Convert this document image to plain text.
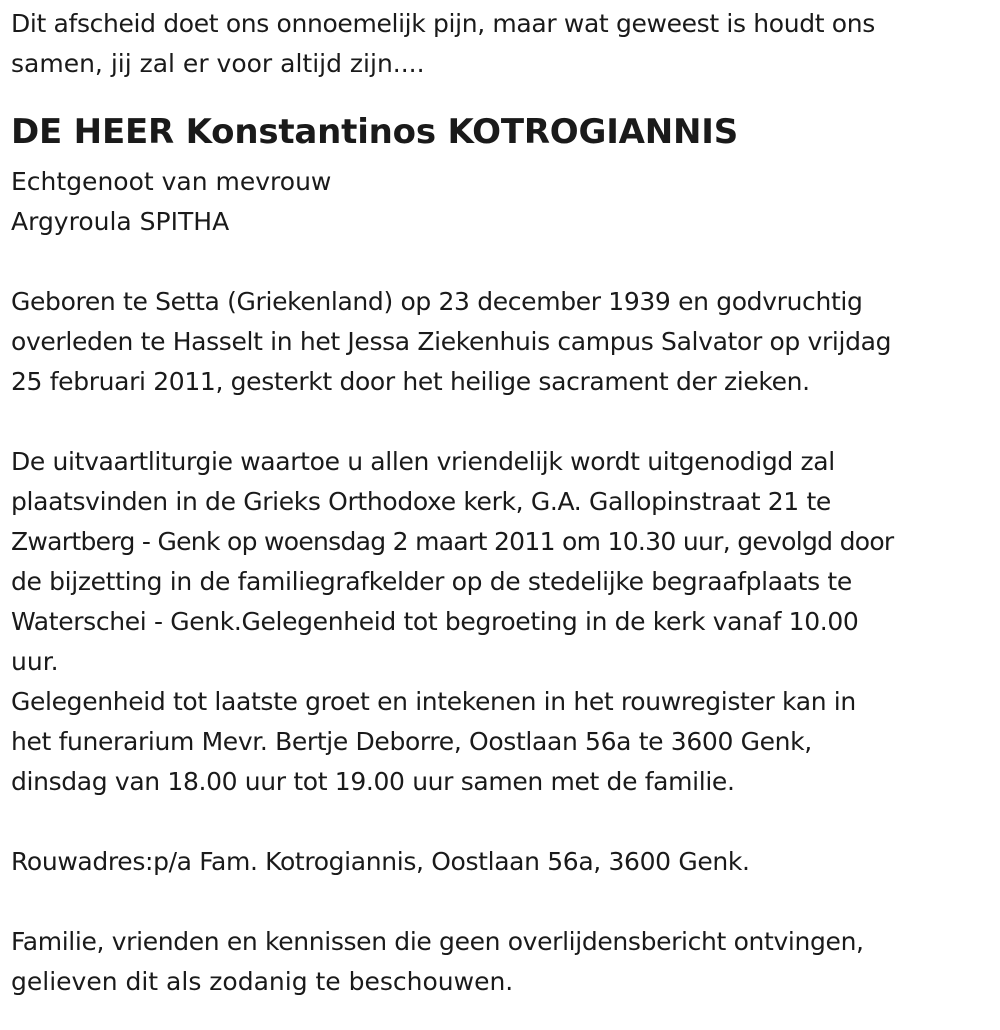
Dit afscheid doet ons onnoemelijk pijn, maar wat geweest is houdt ons

samen, jij zal er voor altijd zijn....

DE HEER Konstantinos KOTROGIANNIS

Echtgenoot van mevrouw

Argyroula SPITHA

Geboren te Setta (Griekenland) op 23 december 1939 en godvruchtig

overleden te Hasselt in het Jessa Ziekenhuis campus Salvator op vrijdag

25 februari 2011, gesterkt door het heilige sacrament der zieken.

De uitvaartliturgie waartoe u allen vriendelijk wordt uitgenodigd zal

plaatsvinden in de Grieks Orthodoxe kerk, G.A. Gallopinstraat 21 te

Zwartberg - Genk op woensdag 2 maart 2011 om 10.30 uur, gevolgd door

de bijzetting in de familiegrafkelder op de stedelijke begraafplaats te

Waterschei - Genk.Gelegenheid tot begroeting in de kerk vanaf 10.00

uur.

Gelegenheid tot laatste groet en intekenen in het rouwregister kan in

het funerarium Mevr. Bertje Deborre, Oostlaan 56a te 3600 Genk,

dinsdag van 18.00 uur tot 19.00 uur samen met de familie.

Rouwadres:p/a Fam. Kotrogiannis, Oostlaan 56a, 3600 Genk.

Familie, vrienden en kennissen die geen overlijdensbericht ontvingen,

gelieven dit als zodanig te beschouwen.
